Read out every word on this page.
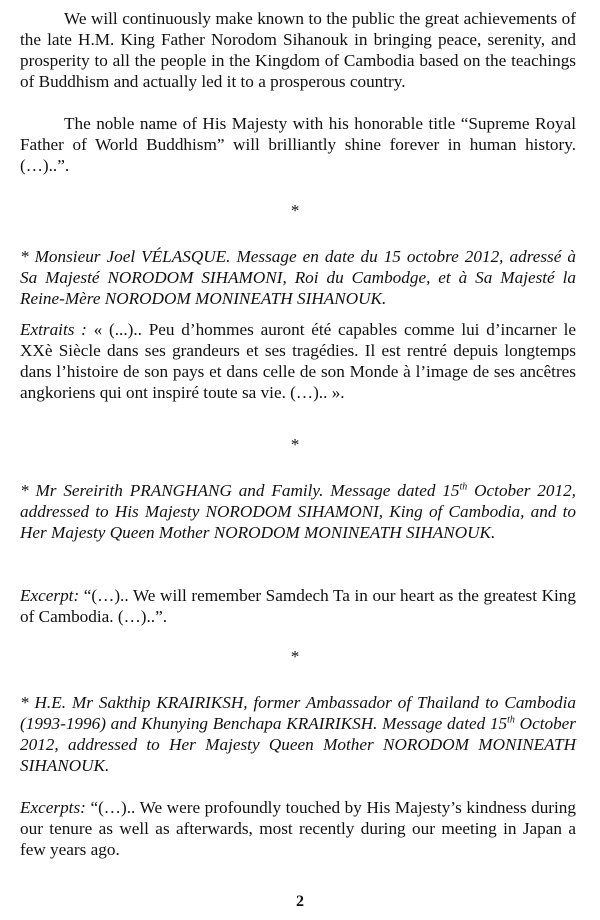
We will continuously make known to the public the great achievements of the late H.M. King Father Norodom Sihanouk in bringing peace, serenity, and prosperity to all the people in the Kingdom of Cambodia based on the teachings of Buddhism and actually led it to a prosperous country.

The noble name of His Majesty with his honorable title “Supreme Royal Father of World Buddhism” will brilliantly shine forever in human history. (…)..”.

*

* Monsieur Joel VÉLASQUE. Message en date du 15 octobre 2012, adressé à Sa Majesté NORODOM SIHAMONI, Roi du Cambodge, et à Sa Majesté la Reine-Mère NORODOM MONINEATH SIHANOUK.

Extraits : « (...).. Peu d’hommes auront été capables comme lui d’incarner le XXè Siècle dans ses grandeurs et ses tragédies. Il est rentré depuis longtemps dans l’histoire de son pays et dans celle de son Monde à l’image de ses ancêtres angkoriens qui ont inspiré toute sa vie. (…).. ».

*

* Mr Sereirith PRANGHANG and Family. Message dated 15th October 2012, addressed to His Majesty NORODOM SIHAMONI, King of Cambodia, and to Her Majesty Queen Mother NORODOM MONINEATH SIHANOUK.

Excerpt: “(…).. We will remember Samdech Ta in our heart as the greatest King of Cambodia. (…)..”.

*

* H.E. Mr Sakthip KRAIRIKSH, former Ambassador of Thailand to Cambodia (1993-1996) and Khunying Benchapa KRAIRIKSH. Message dated 15th October 2012, addressed to Her Majesty Queen Mother NORODOM MONINEATH SIHANOUK.

Excerpts: “(…).. We were profoundly touched by His Majesty’s kindness during our tenure as well as afterwards, most recently during our meeting in Japan a few years ago.

2
